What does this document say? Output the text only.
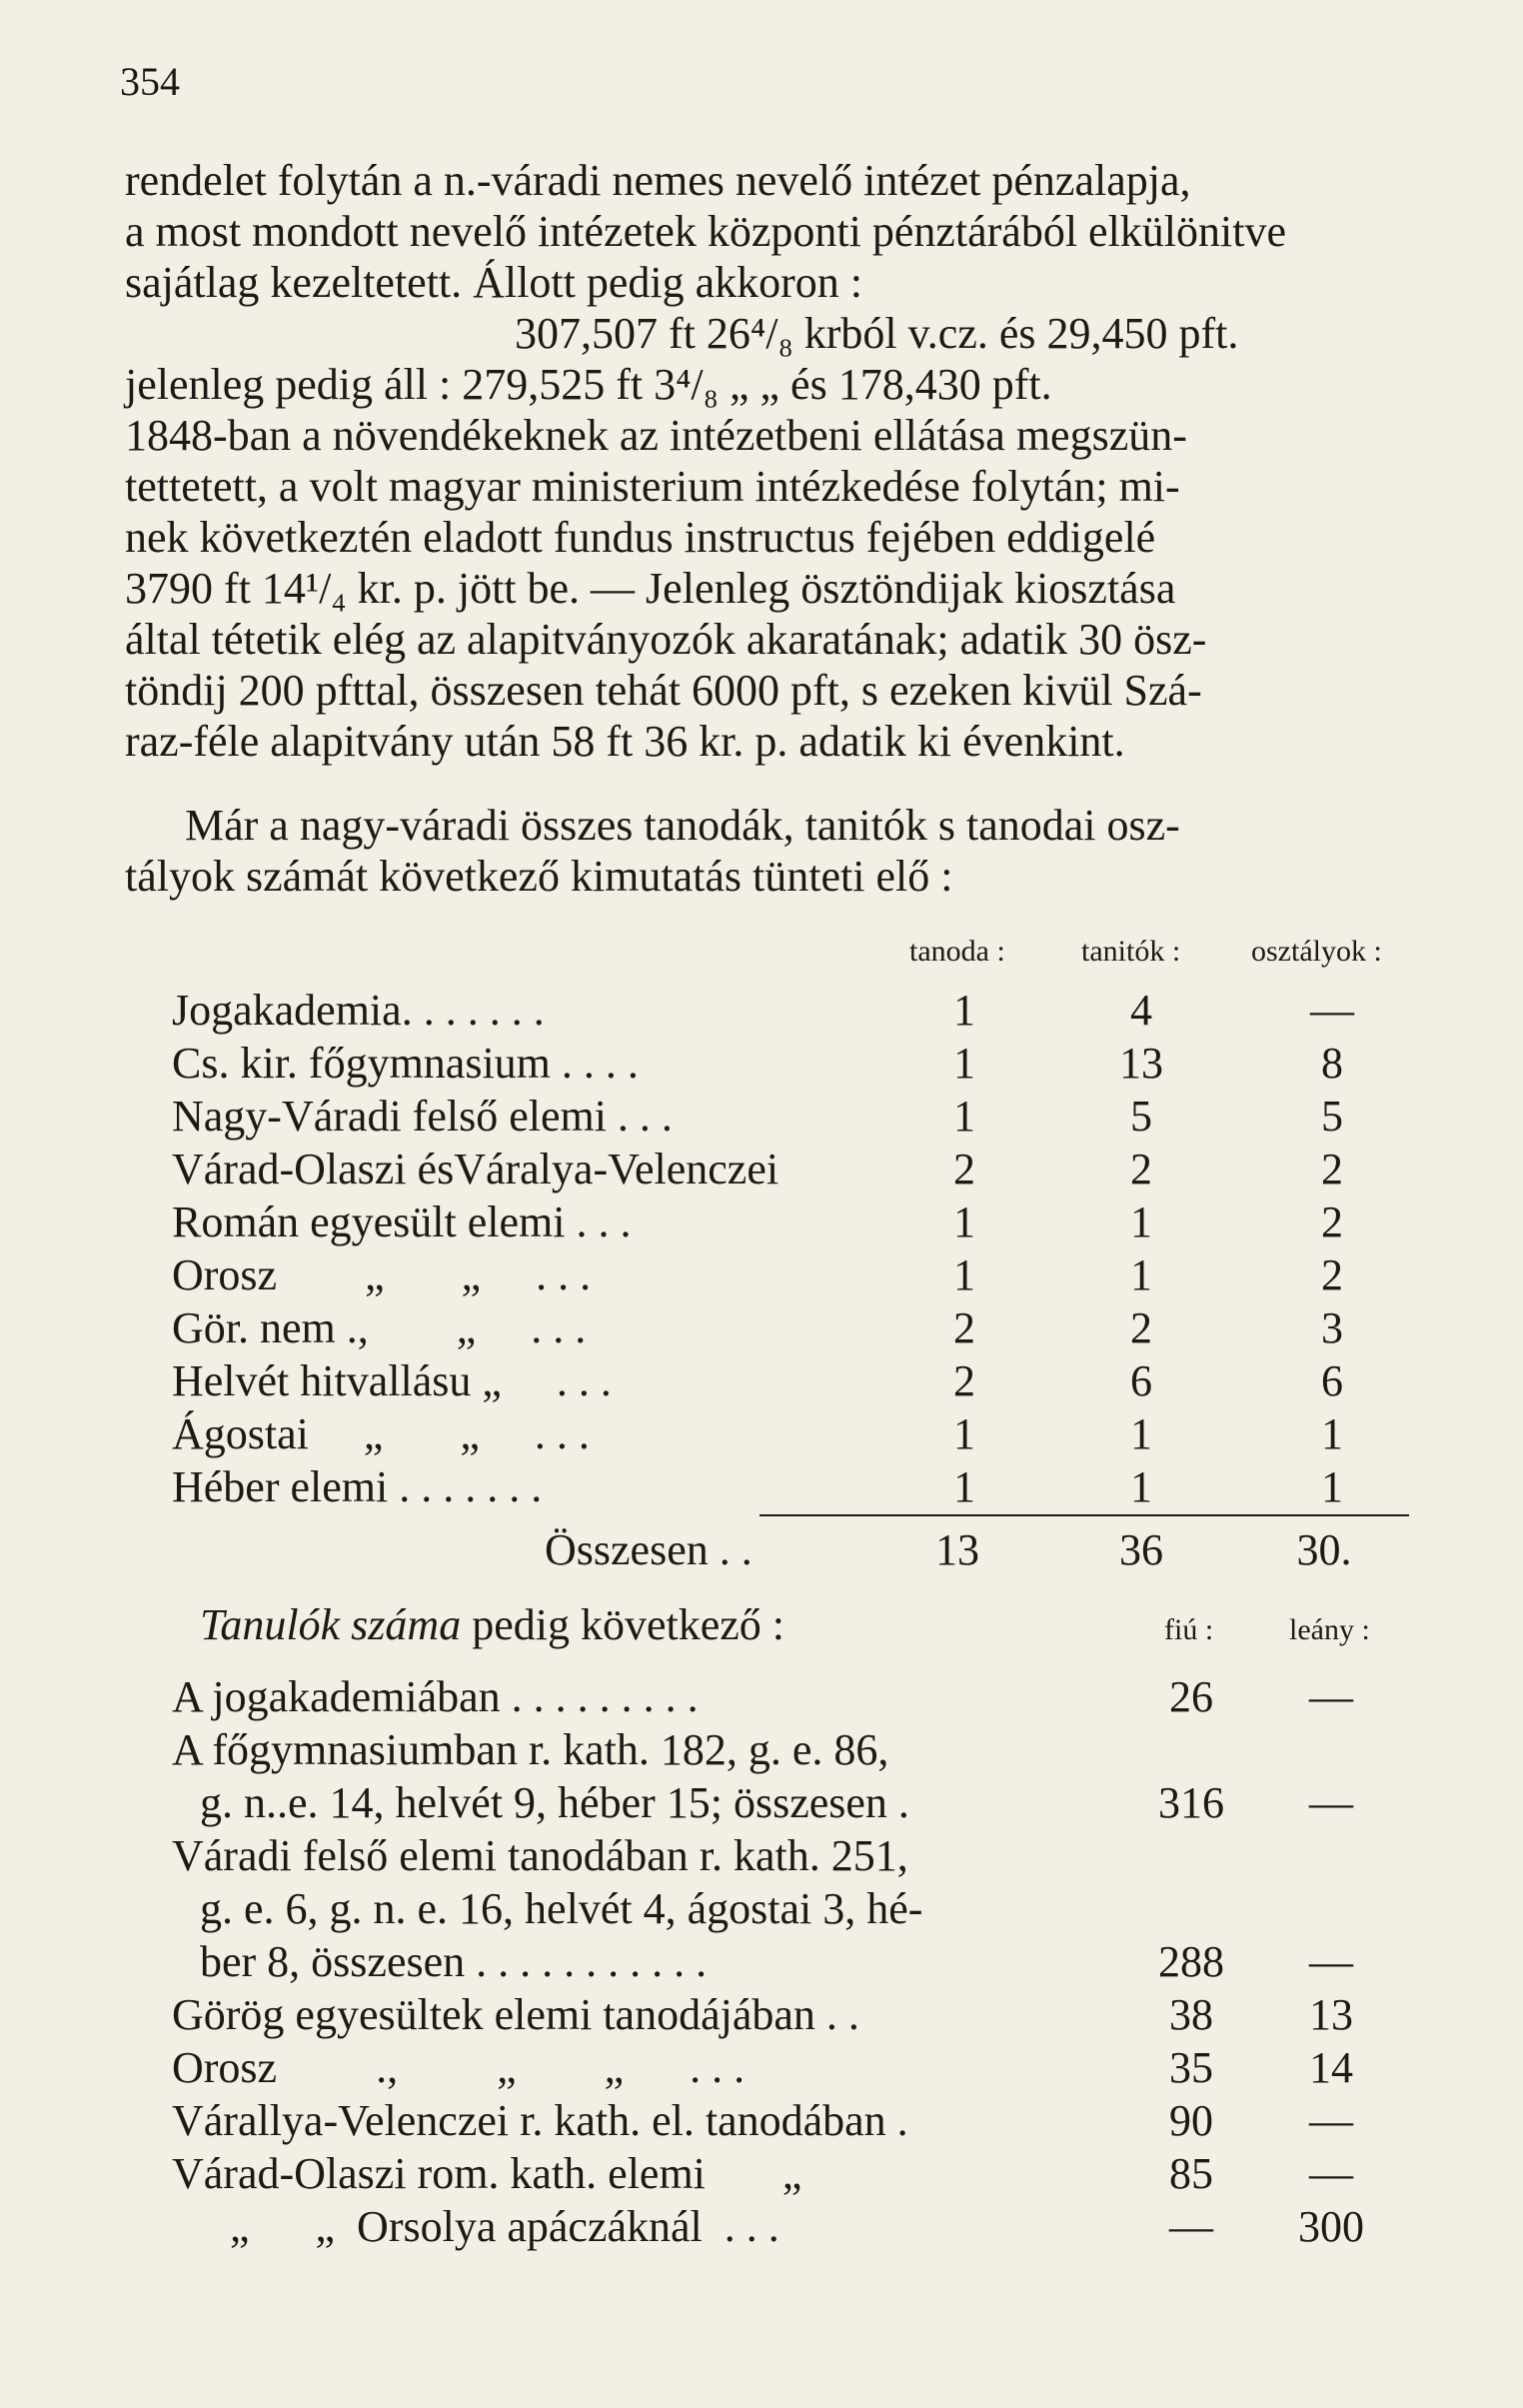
354
rendelet folytán a n.-váradi nemes nevelő intézet pénzalapja,
a most mondott nevelő intézetek központi pénztárából elkülönitve
sajátlag kezeltetett. Állott pedig akkoron :
307,507 ft 26⁴/₈ krból v.cz. és 29,450 pft.
jelenleg pedig áll : 279,525 ft 3⁴/₈ „ „ és 178,430 pft.
1848-ban a növendékeknek az intézetbeni ellátása megszün-
tettetett, a volt magyar ministerium intézkedése folytán; mi-
nek következtén eladott fundus instructus fejében eddigelé
3790 ft 14¹/₄ kr. p. jött be. — Jelenleg ösztöndijak kiosztása
által tétetik elég az alapitványozók akaratának; adatik 30 ösz-
töndij 200 pfttal, összesen tehát 6000 pft, s ezeken kivül Szá-
raz-féle alapitvány után 58 ft 36 kr. p. adatik ki évenkint.
Már a nagy-váradi összes tanodák, tanitók s tanodai osz-
tályok számát következő kimutatás tünteti elő :
tanoda :	tanitók : osztályok :
Jogakademia. . . . . . .	1	4	—
Cs. kir. főgymnasium . . . .	1	13	8
Nagy-Váradi felső elemi . . .	1	5	5
Várad-Olaszi ésVáralya-Velenczei	2	2	2
Román egyesült elemi . . .	1	1	2
Orosz        „       „     . . .	1	1	2
Gör. nem .,        „     . . .	2	2	3
Helvét hitvallásu „     . . .	2	6	6
Ágostai     „       „     . . .	1	1	1
Héber elemi . . . . . . .	1	1	1
Összesen . .	13	36	30.
Tanulók száma pedig következő :	fiú :	leány :
A jogakademiában . . . . . . . . .	26	—
A főgymnasiumban r. kath. 182, g. e. 86,
g. n..e. 14, helvét 9, héber 15; összesen .	316	—
Váradi felső elemi tanodában r. kath. 251,
g. e. 6, g. n. e. 16, helvét 4, ágostai 3, hé-
ber 8, összesen . . . . . . . . . . .	288	—
Görög egyesültek elemi tanodájában . .	38	13
Orosz         .,         „        „      . . .	35	14
Várallya-Velenczei r. kath. el. tanodában .	90	—
Várad-Olaszi rom. kath. elemi       „	85	—
„      „  Orsolya apáczáknál  . . .	—	300
